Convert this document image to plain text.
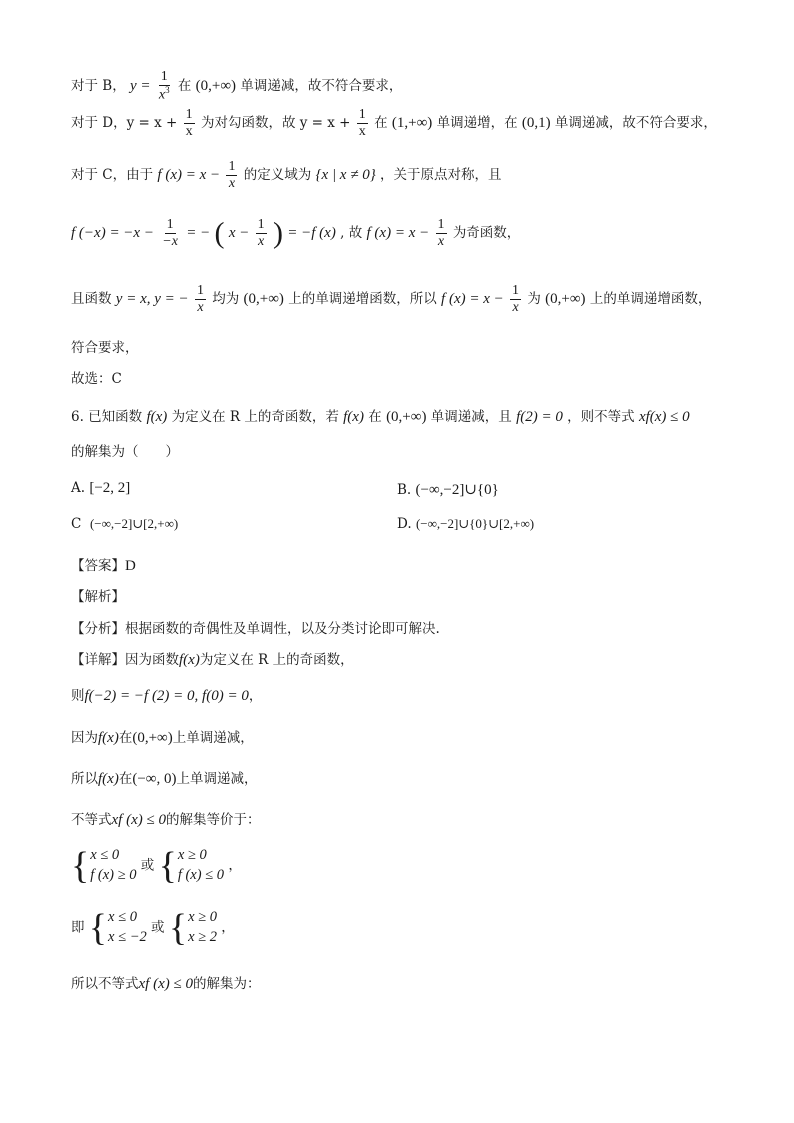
对于 B， $y = \frac{1}{x^3}$ 在 (0,+∞) 单调递减，故不符合要求，
对于 D，$y = x + \frac{1}{x}$ 为对勾函数，故 $y = x + \frac{1}{x}$ 在 (1,+∞) 单调递增，在 (0,1) 单调递减，故不符合要求，
对于 C，由于 f $(x) = x - \frac{1}{x}$ 的定义域为 {x | x ≠ 0} ，关于原点对称，且
f $(-x) = -x - \frac{1}{-x}$ = − ( $x - \frac{1}{x}$ ) = −f (x) , 故 f $(x) = x - \frac{1}{x}$ 为奇函数，
且函数 y = x, y = − $\frac{1}{x}$ 均为 (0,+∞) 上的单调递增函数，所以 f $(x) = x - \frac{1}{x}$ 为 (0,+∞) 上的单调递增函数，
符合要求，
故选：C
6. 已知函数 f(x) 为定义在 R 上的奇函数，若 f(x) 在 (0,+∞) 单调递减，且 f(2) = 0 ，则不等式 xf(x) ≤ 0
的解集为（　　）
A. [−2, 2]	B. (−∞,−2]∪{0}
C (−∞,−2]∪[2,+∞)	D. (−∞,−2]∪{0}∪[2,+∞)
【答案】D
【解析】
【分析】根据函数的奇偶性及单调性，以及分类讨论即可解决.
【详解】因为函数f(x)为定义在 R 上的奇函数，
则f(−2) = −f (2) = 0, f(0) = 0，
因为f(x)在(0,+∞)上单调递减，
所以f(x)在(−∞, 0)上单调递减，
不等式xf (x) ≤ 0的解集等价于：
{ x ≤ 0
f (x) ≥ 0
或 { x ≥ 0
f (x) ≤ 0
，
即 { x ≤ 0
x ≤ −2
或 { x ≥ 0
x ≥ 2
，
所以不等式xf (x) ≤ 0的解集为：
